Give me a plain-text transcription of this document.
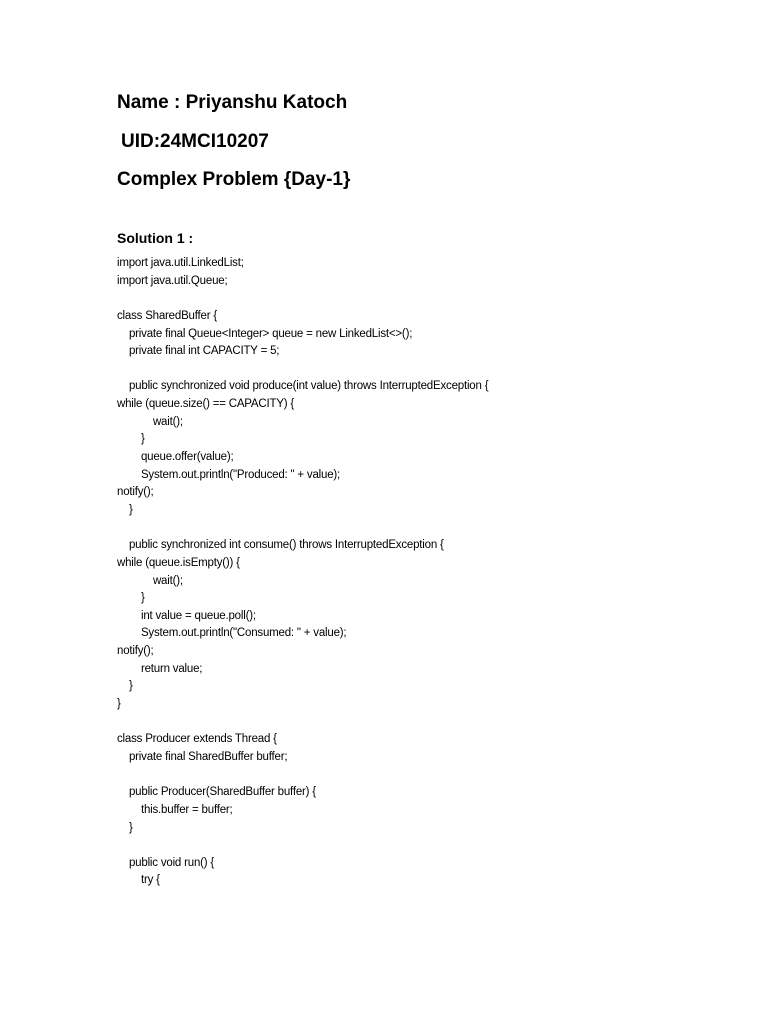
Name : Priyanshu Katoch
UID:24MCI10207
Complex Problem {Day-1}
Solution 1 :
import java.util.LinkedList;
import java.util.Queue;
class SharedBuffer {
private final Queue<Integer> queue = new LinkedList<>();
private final int CAPACITY = 5;
public synchronized void produce(int value) throws InterruptedException {
while (queue.size() == CAPACITY) {
wait();
}
queue.offer(value);
System.out.println("Produced: " + value);
notify();
}
public synchronized int consume() throws InterruptedException {
while (queue.isEmpty()) {
wait();
}
int value = queue.poll();
System.out.println("Consumed: " + value);
notify();
return value;
}
}
class Producer extends Thread {
private final SharedBuffer buffer;
public Producer(SharedBuffer buffer) {
this.buffer = buffer;
}
public void run() {
try {
